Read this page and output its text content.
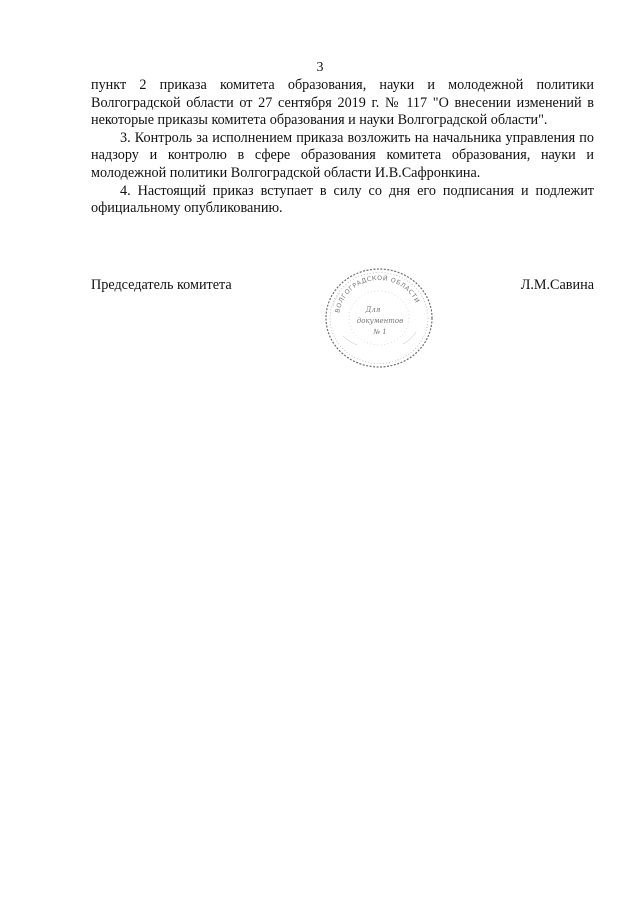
3

пункт 2 приказа комитета образования, науки и молодежной политики Волгоградской области от 27 сентября 2019 г. № 117 "О внесении изменений в некоторые приказы комитета образования и науки Волгоградской области".

3. Контроль за исполнением приказа возложить на начальника управления по надзору и контролю в сфере образования комитета образования, науки и молодежной политики Волгоградской области И.В.Сафронкина.

4. Настоящий приказ вступает в силу со дня его подписания и подлежит официальному опубликованию.

Председатель комитета	Л.М.Савина
ВОЛГОГРАДСКОЙ ОБЛАСТИ
Для
документов
№ 1
